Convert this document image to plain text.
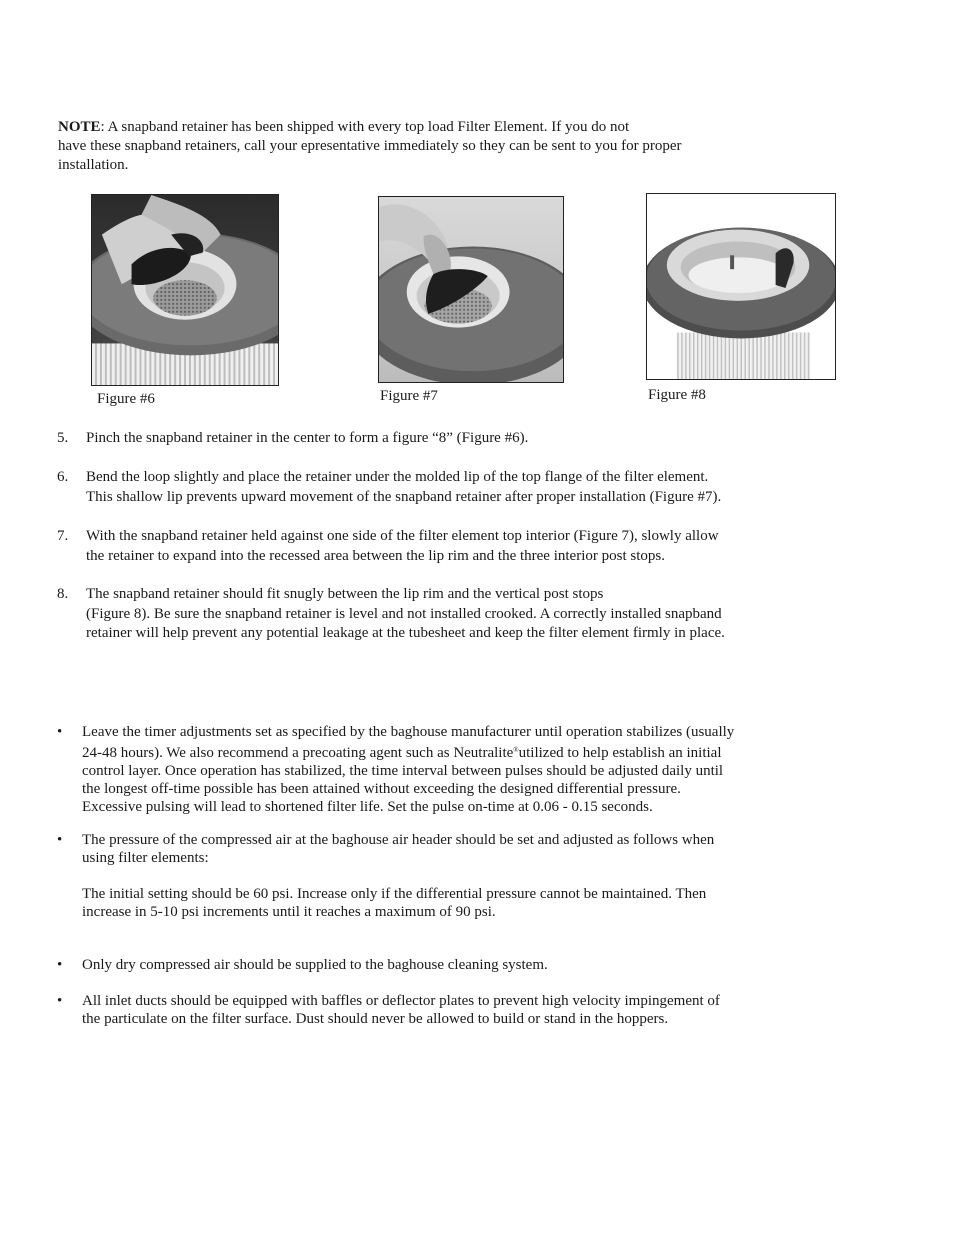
NOTE: A snapband retainer has been shipped with every top load Filter Element. If you do not
have these snapband retainers, call your epresentative immediately so they can be sent to you for proper
installation.
Figure #6	Figure #7	Figure #8
5. Pinch the snapband retainer in the center to form a figure “8” (Figure #6).
6. Bend the loop slightly and place the retainer under the molded lip of the top flange of the filter element.
This shallow lip prevents upward movement of the snapband retainer after proper installation (Figure #7).
7. With the snapband retainer held against one side of the filter element top interior (Figure 7), slowly allow
the retainer to expand into the recessed area between the lip rim and the three interior post stops.
8. The snapband retainer should fit snugly between the lip rim and the vertical post stops
(Figure 8). Be sure the snapband retainer is level and not installed crooked. A correctly installed snapband
retainer will help prevent any potential leakage at the tubesheet and keep the filter element firmly in place.
• Leave the timer adjustments set as specified by the baghouse manufacturer until operation stabilizes (usually
24-48 hours). We also recommend a precoating agent such as Neutralite®utilized to help establish an initial
control layer. Once operation has stabilized, the time interval between pulses should be adjusted daily until
the longest off-time possible has been attained without exceeding the designed differential pressure.
Excessive pulsing will lead to shortened filter life. Set the pulse on-time at 0.06 - 0.15 seconds.
• The pressure of the compressed air at the baghouse air header should be set and adjusted as follows when
using filter elements:
The initial setting should be 60 psi. Increase only if the differential pressure cannot be maintained. Then
increase in 5-10 psi increments until it reaches a maximum of 90 psi.
• Only dry compressed air should be supplied to the baghouse cleaning system.
• All inlet ducts should be equipped with baffles or deflector plates to prevent high velocity impingement of
the particulate on the filter surface. Dust should never be allowed to build or stand in the hoppers.
